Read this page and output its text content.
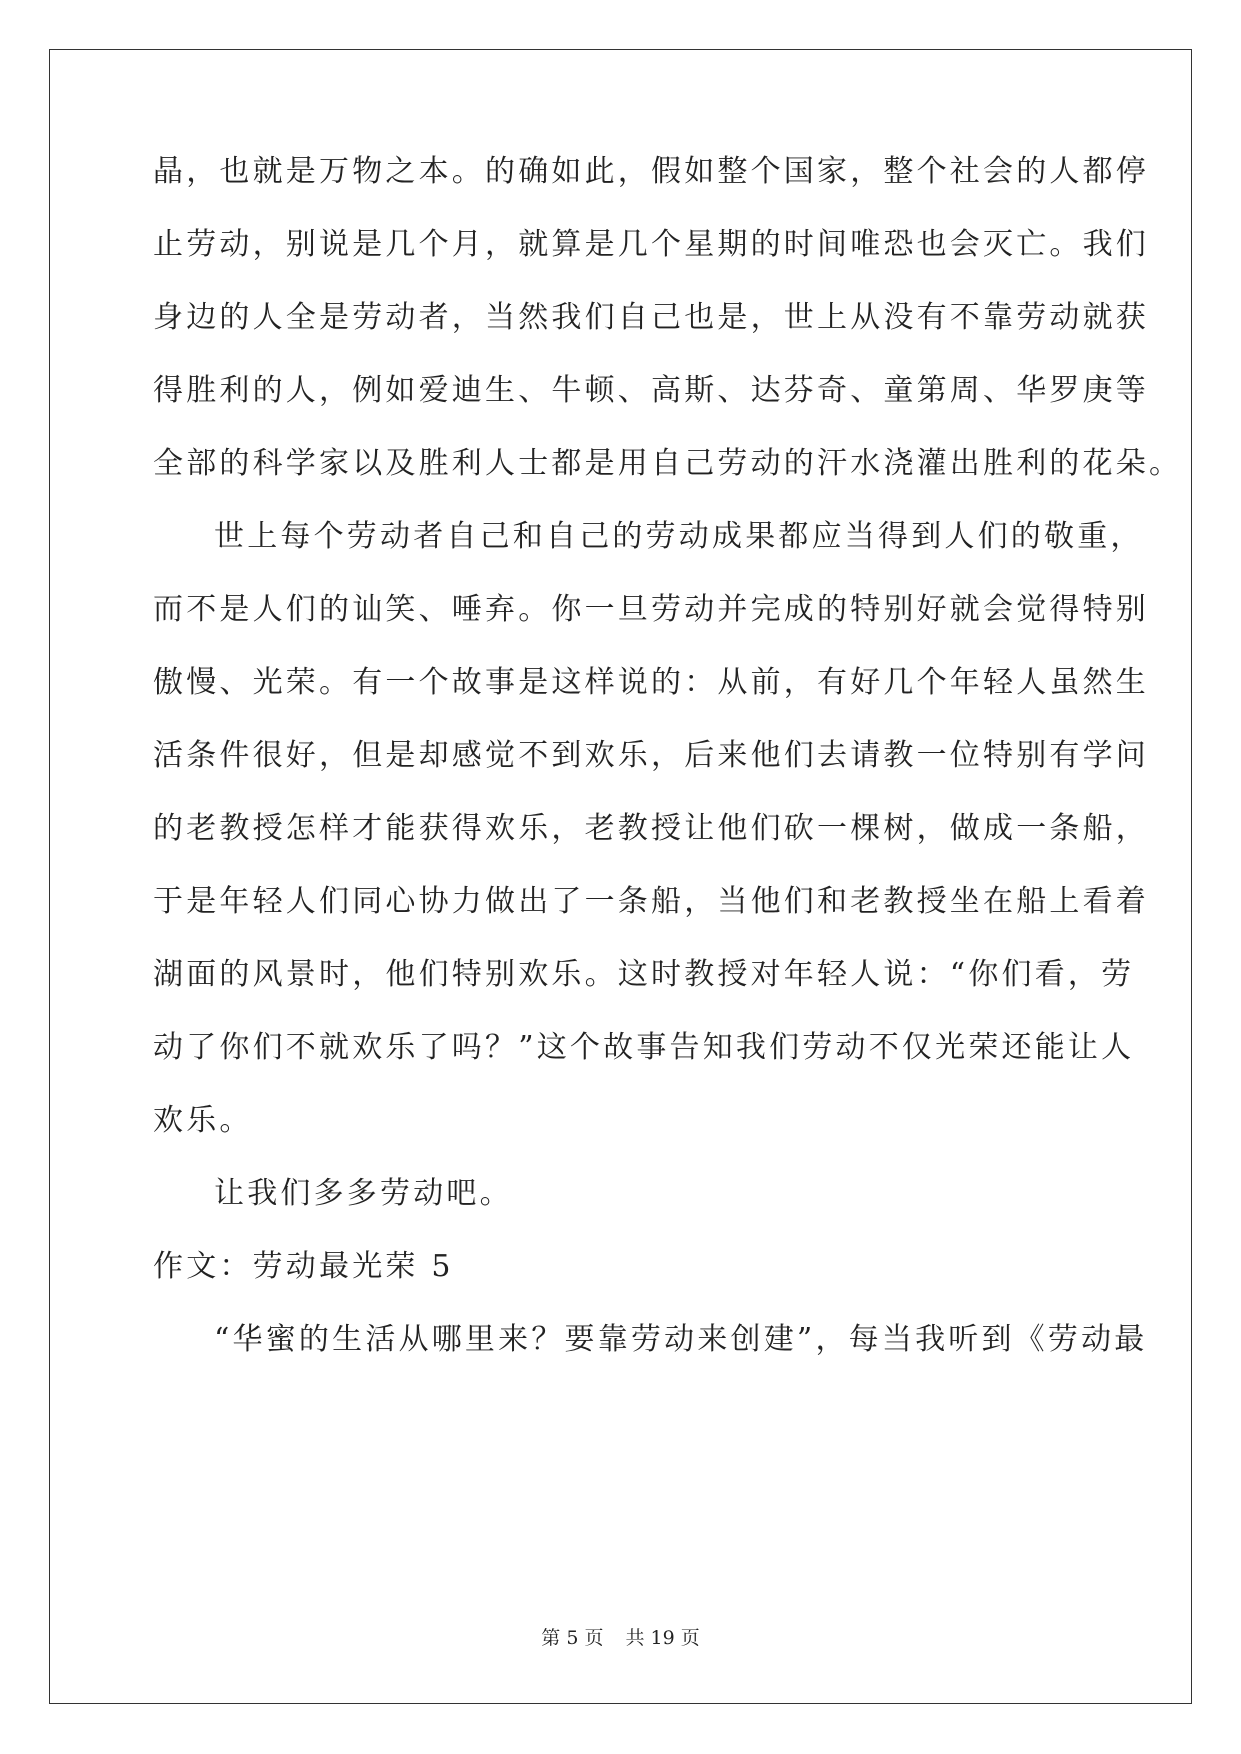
晶，也就是万物之本。的确如此，假如整个国家，整个社会的人都停
止劳动，别说是几个月，就算是几个星期的时间唯恐也会灭亡。我们
身边的人全是劳动者，当然我们自己也是，世上从没有不靠劳动就获
得胜利的人，例如爱迪生、牛顿、高斯、达芬奇、童第周、华罗庚等
全部的科学家以及胜利人士都是用自己劳动的汗水浇灌出胜利的花朵。
世上每个劳动者自己和自己的劳动成果都应当得到人们的敬重，
而不是人们的讪笑、唾弃。你一旦劳动并完成的特别好就会觉得特别
傲慢、光荣。有一个故事是这样说的：从前，有好几个年轻人虽然生
活条件很好，但是却感觉不到欢乐，后来他们去请教一位特别有学问
的老教授怎样才能获得欢乐，老教授让他们砍一棵树，做成一条船，
于是年轻人们同心协力做出了一条船，当他们和老教授坐在船上看着
湖面的风景时，他们特别欢乐。这时教授对年轻人说：“你们看，劳
动了你们不就欢乐了吗？”这个故事告知我们劳动不仅光荣还能让人
欢乐。
让我们多多劳动吧。
作文：劳动最光荣 5
“华蜜的生活从哪里来？要靠劳动来创建”，每当我听到《劳动最
第 5 页 共 19 页
